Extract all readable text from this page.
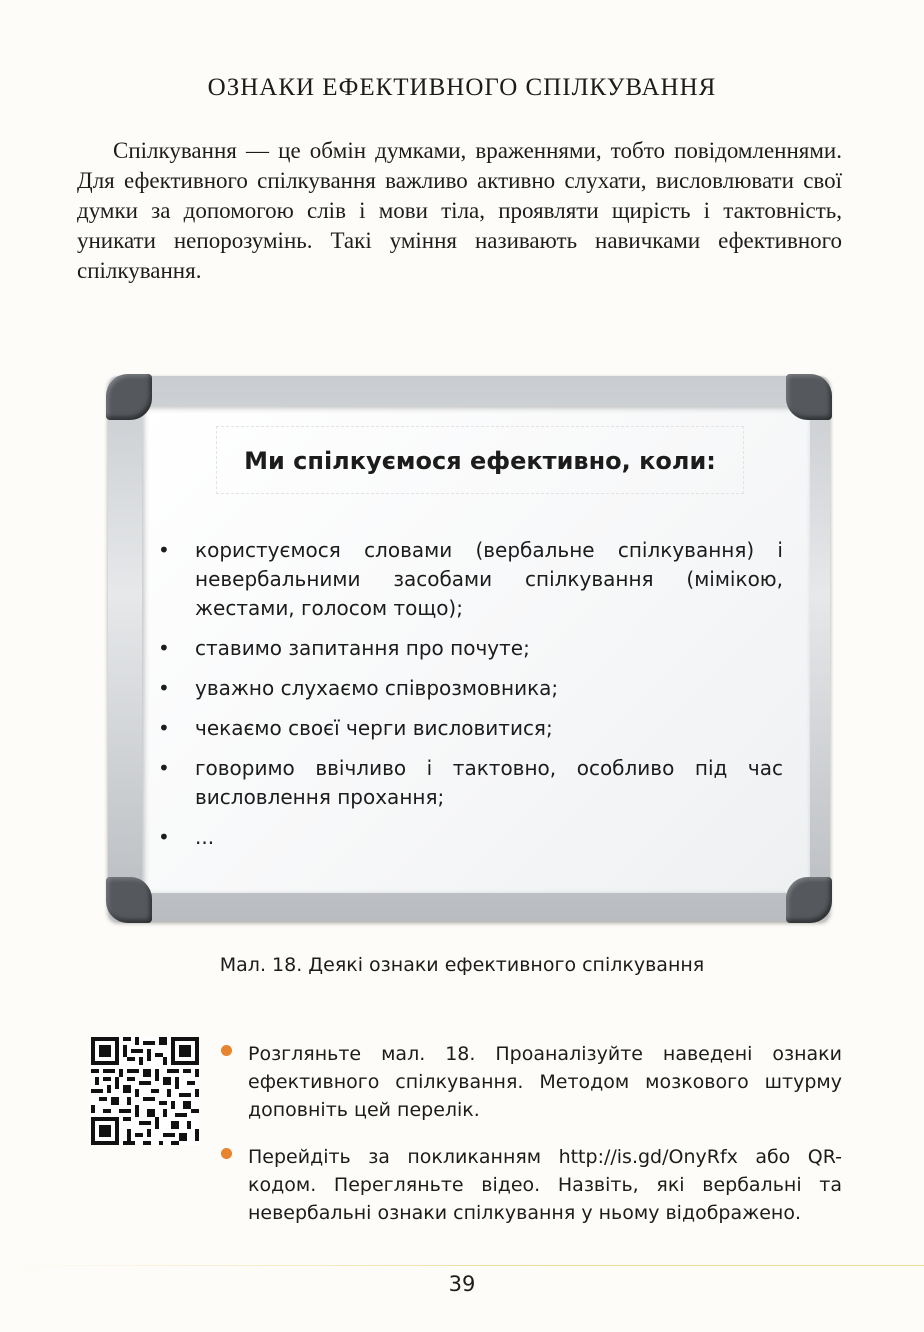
ОЗНАКИ ЕФЕКТИВНОГО СПІЛКУВАННЯ

Спілкування — це обмін думками, враженнями, тобто повідомленнями. Для ефективного спілкування важливо активно слухати, висловлювати свої думки за допомогою слів і мови тіла, проявляти щирість і тактовність, уникати непорозумінь. Такі уміння називають навичками ефективного спілкування.

Ми спілкуємося ефективно, коли:
• користуємося словами (вербальне спілкування) і невербальними засобами спілкування (мімікою, жестами, голосом тощо);
• ставимо запитання про почуте;
• уважно слухаємо співрозмовника;
• чекаємо своєї черги висловитися;
• говоримо ввічливо і тактовно, особливо під час висловлення прохання;
• ...
Мал. 18. Деякі ознаки ефективного спілкування
Розгляньте мал. 18. Проаналізуйте наведені ознаки ефективного спілкування. Методом мозкового штурму доповніть цей перелік.
Перейдіть за покликанням http://is.gd/OnyRfx або QR-кодом. Перегляньте відео. Назвіть, які вербальні та невербальні ознаки спілкування у ньому відображено.
39
